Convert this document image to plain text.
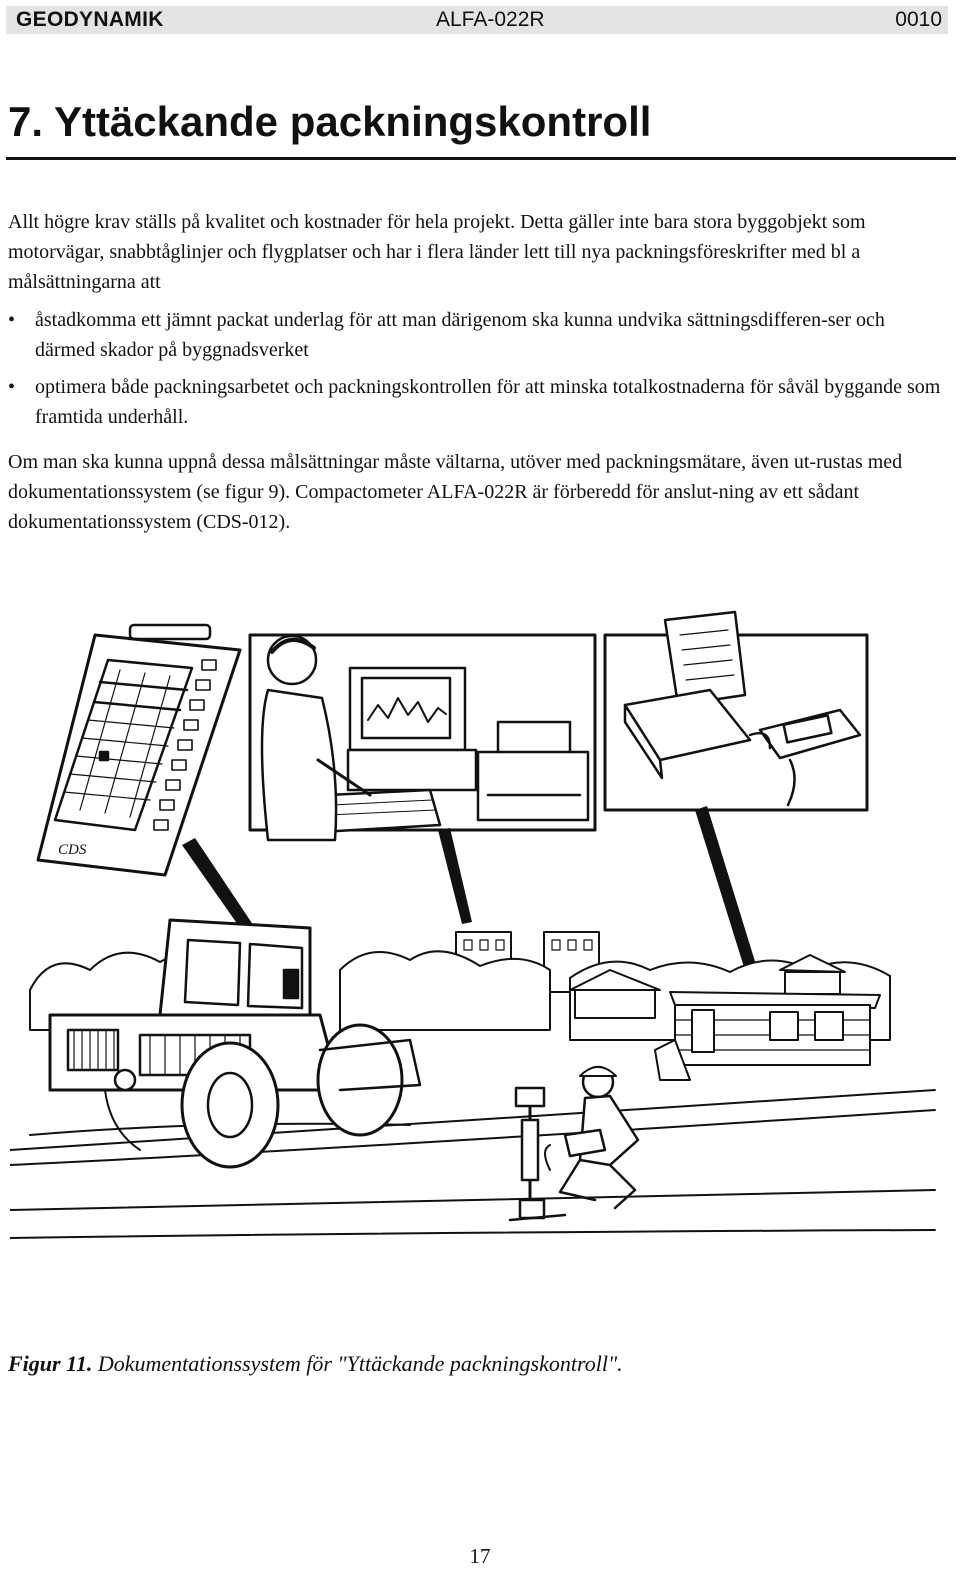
GEODYNAMIK	ALFA-022R	0010
7. Yttäckande packningskontroll

Allt högre krav ställs på kvalitet och kostnader för hela projekt. Detta gäller inte bara stora byggobjekt som motorvägar, snabbtåglinjer och flygplatser och har i flera länder lett till nya packningsföreskrifter med bl a målsättningarna att

• åstadkomma ett jämnt packat underlag för att man därigenom ska kunna undvika sättningsdifferen-ser och därmed skador på byggnadsverket
• optimera både packningsarbetet och packningskontrollen för att minska totalkostnaderna för såväl byggande som framtida underhåll.

Om man ska kunna uppnå dessa målsättningar måste vältarna, utöver med packningsmätare, även ut-rustas med dokumentationssystem (se figur 9). Compactometer ALFA-022R är förberedd för anslut-ning av ett sådant dokumentationssystem (CDS-012).

CDS

Figur 11. Dokumentationssystem för "Yttäckande packningskontroll".

17
